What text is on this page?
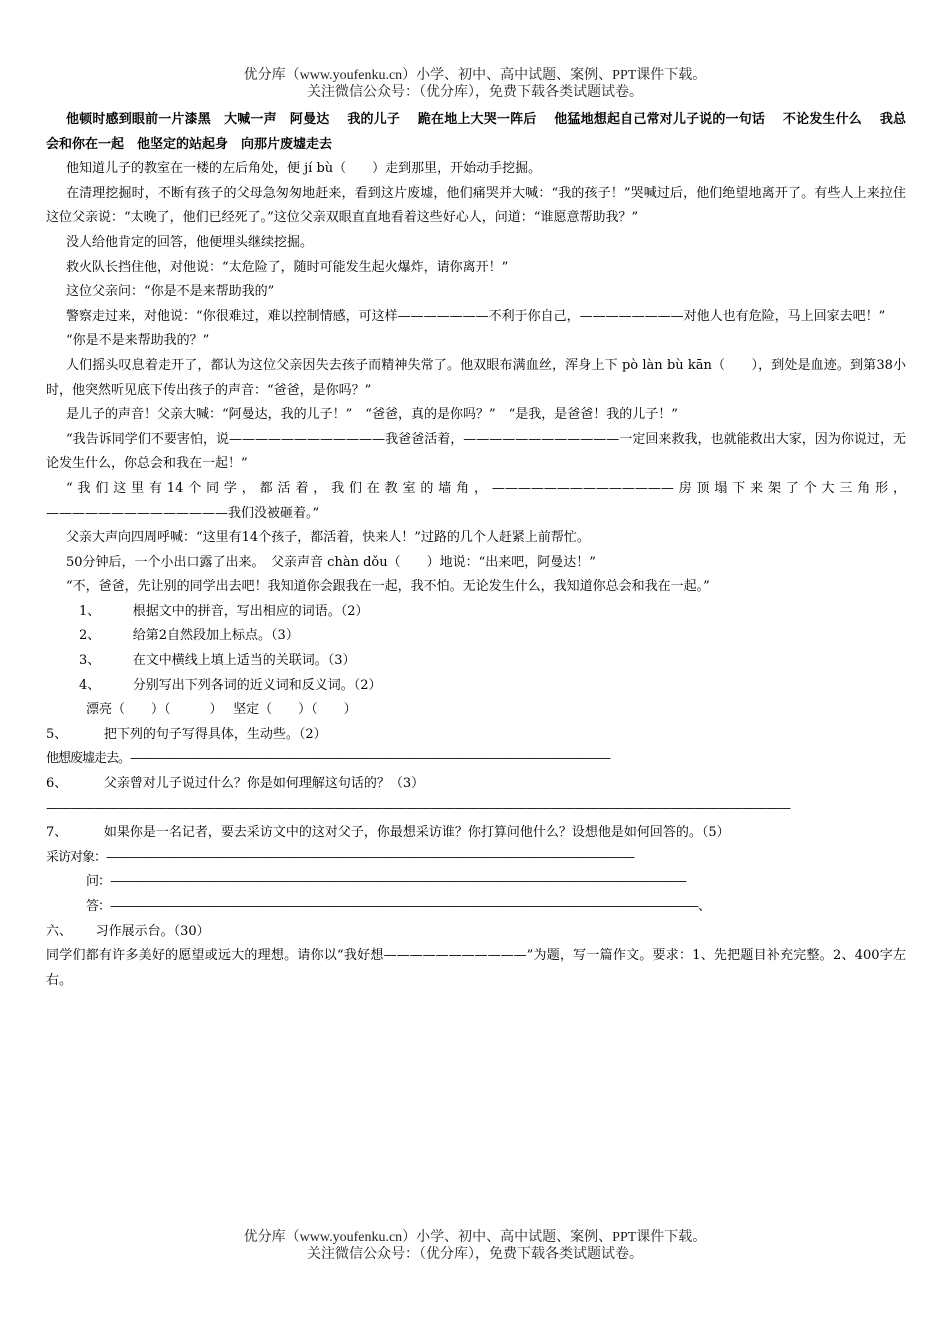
优分库（www.youfenku.cn）小学、初中、高中试题、案例、PPT课件下载。
关注微信公众号：（优分库），免费下载各类试题试卷。

他顿时感到眼前一片漆黑　大喊一声　阿曼达　 我的儿子　 跪在地上大哭一阵后　 他猛地想起自己常对儿子说的一句话　 不论发生什么　 我总会和你在一起　他坚定的站起身　向那片废墟走去

他知道儿子的教室在一楼的左后角处，便 jí bù（　　）走到那里，开始动手挖掘。

在清理挖掘时，不断有孩子的父母急匆匆地赶来，看到这片废墟，他们痛哭并大喊：“我的孩子！”哭喊过后，他们绝望地离开了。有些人上来拉住这位父亲说：“太晚了，他们已经死了。”这位父亲双眼直直地看着这些好心人，问道：“谁愿意帮助我？”

没人给他肯定的回答，他便埋头继续挖掘。

救火队长挡住他，对他说：“太危险了，随时可能发生起火爆炸，请你离开！”

这位父亲问：“你是不是来帮助我的”

警察走过来，对他说：“你很难过，难以控制情感，可这样———————不利于你自己，————————对他人也有危险，马上回家去吧！”

“你是不是来帮助我的？”

人们摇头叹息着走开了，都认为这位父亲因失去孩子而精神失常了。他双眼布满血丝，浑身上下 pò làn bù kān（　　），到处是血迹。到第38小时，他突然听见底下传出孩子的声音：“爸爸，是你吗？”

是儿子的声音！父亲大喊：“阿曼达，我的儿子！”　“爸爸，真的是你吗？”　“是我，是爸爸！我的儿子！”

“我告诉同学们不要害怕，说————————————我爸爸活着，————————————一定回来救我，也就能救出大家，因为你说过，无论发生什么，你总会和我在一起！”

“我们这里有14个同学，都活着，我们在教室的墙角，——————————————房顶塌下来架了个大三角形，——————————————我们没被砸着。”

父亲大声向四周呼喊：“这里有14个孩子，都活着，快来人！”过路的几个人赶紧上前帮忙。

50分钟后，一个小出口露了出来。　父亲声音 chàn dǒu（　　）地说：“出来吧，阿曼达！”

“不，爸爸，先让别的同学出去吧！我知道你会跟我在一起，我不怕。无论发生什么，我知道你总会和我在一起。”

1、　　　根据文中的拼音，写出相应的词语。（2）

2、　　　给第2自然段加上标点。（3）

3、　　　在文中横线上填上适当的关联词。（3）

4、　　　分别写出下列各词的近义词和反义词。（2）

漂亮（　　）（　　　）　 坚定（　　）（　　）

5、　　　 把下列的句子写得具体，生动些。（2）

他想废墟走去。————————————————————————————————————————

6、　　　 父亲曾对儿子说过什么？你是如何理解这句话的？（3）

——————————————————————————————————————————————————————————————

7、　　　 如果你是一名记者，要去采访文中的这对父子，你最想采访谁？你打算问他什么？设想他是如何回答的。（5）

采访对象：————————————————————————————————————————————

问：————————————————————————————————————————————————

答：—————————————————————————————————————————————————、

六、　　 习作展示台。（30）

同学们都有许多美好的愿望或远大的理想。请你以“我好想———————————”为题，写一篇作文。要求：1、先把题目补充完整。2、400字左右。

优分库（www.youfenku.cn）小学、初中、高中试题、案例、PPT课件下载。
关注微信公众号：（优分库），免费下载各类试题试卷。
